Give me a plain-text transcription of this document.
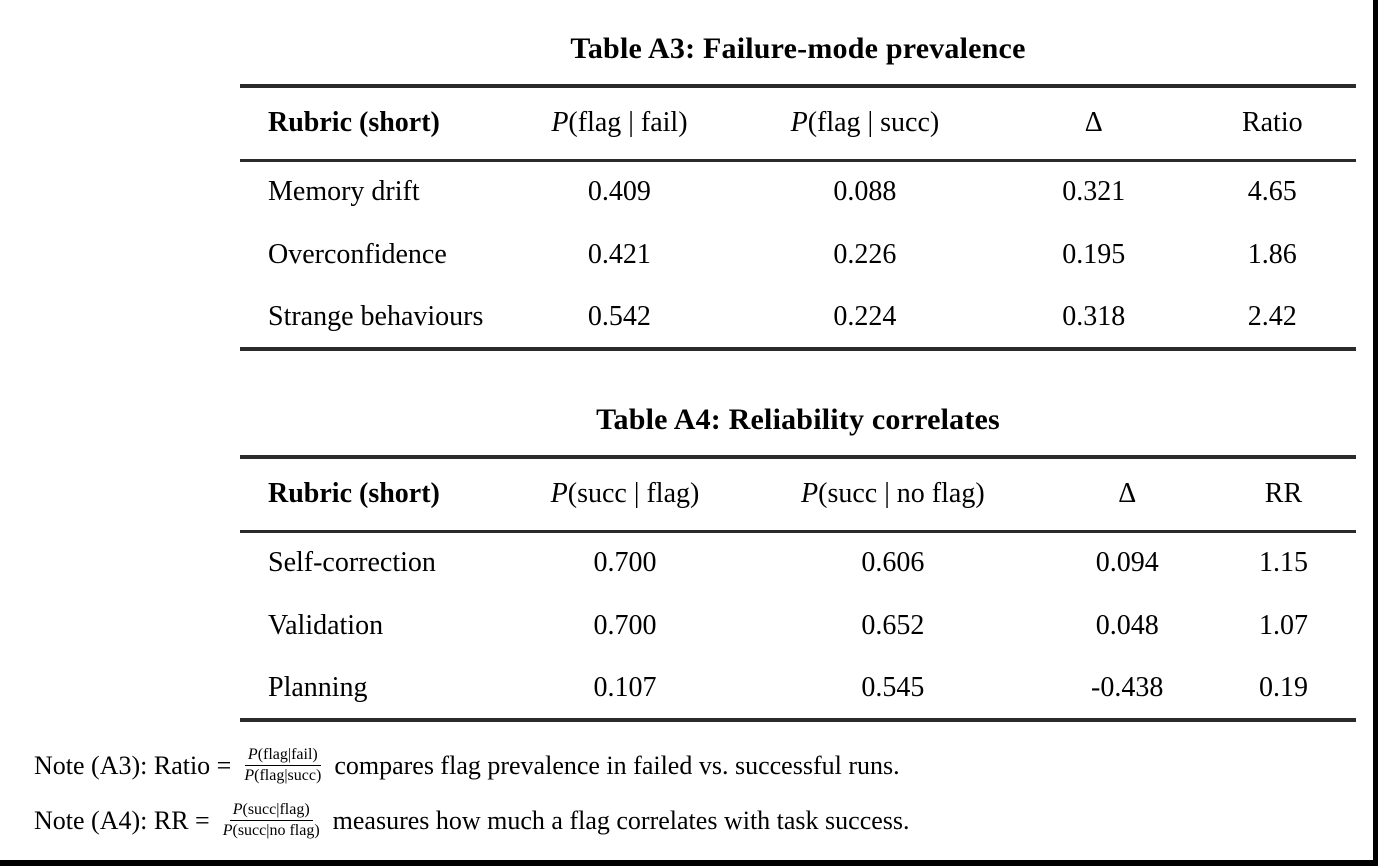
Table A3: Failure-mode prevalence
Rubric (short)	P(flag | fail)	P(flag | succ)	Δ	Ratio
Memory drift	0.409	0.088	0.321	4.65
Overconfidence	0.421	0.226	0.195	1.86
Strange behaviours	0.542	0.224	0.318	2.42
Table A4: Reliability correlates
Rubric (short)	P(succ | flag)	P(succ | no flag)	Δ	RR
Self-correction	0.700	0.606	0.094	1.15
Validation	0.700	0.652	0.048	1.07
Planning	0.107	0.545	-0.438	0.19
Note (A3): Ratio = $\frac{\text{P(flag|fail)}}{\text{P(flag|succ)}}$ compares flag prevalence in failed vs. successful runs.
Note (A4): RR = $\frac{\text{P(succ|flag)}}{\text{P(succ|no flag)}}$ measures how much a flag correlates with task success.
